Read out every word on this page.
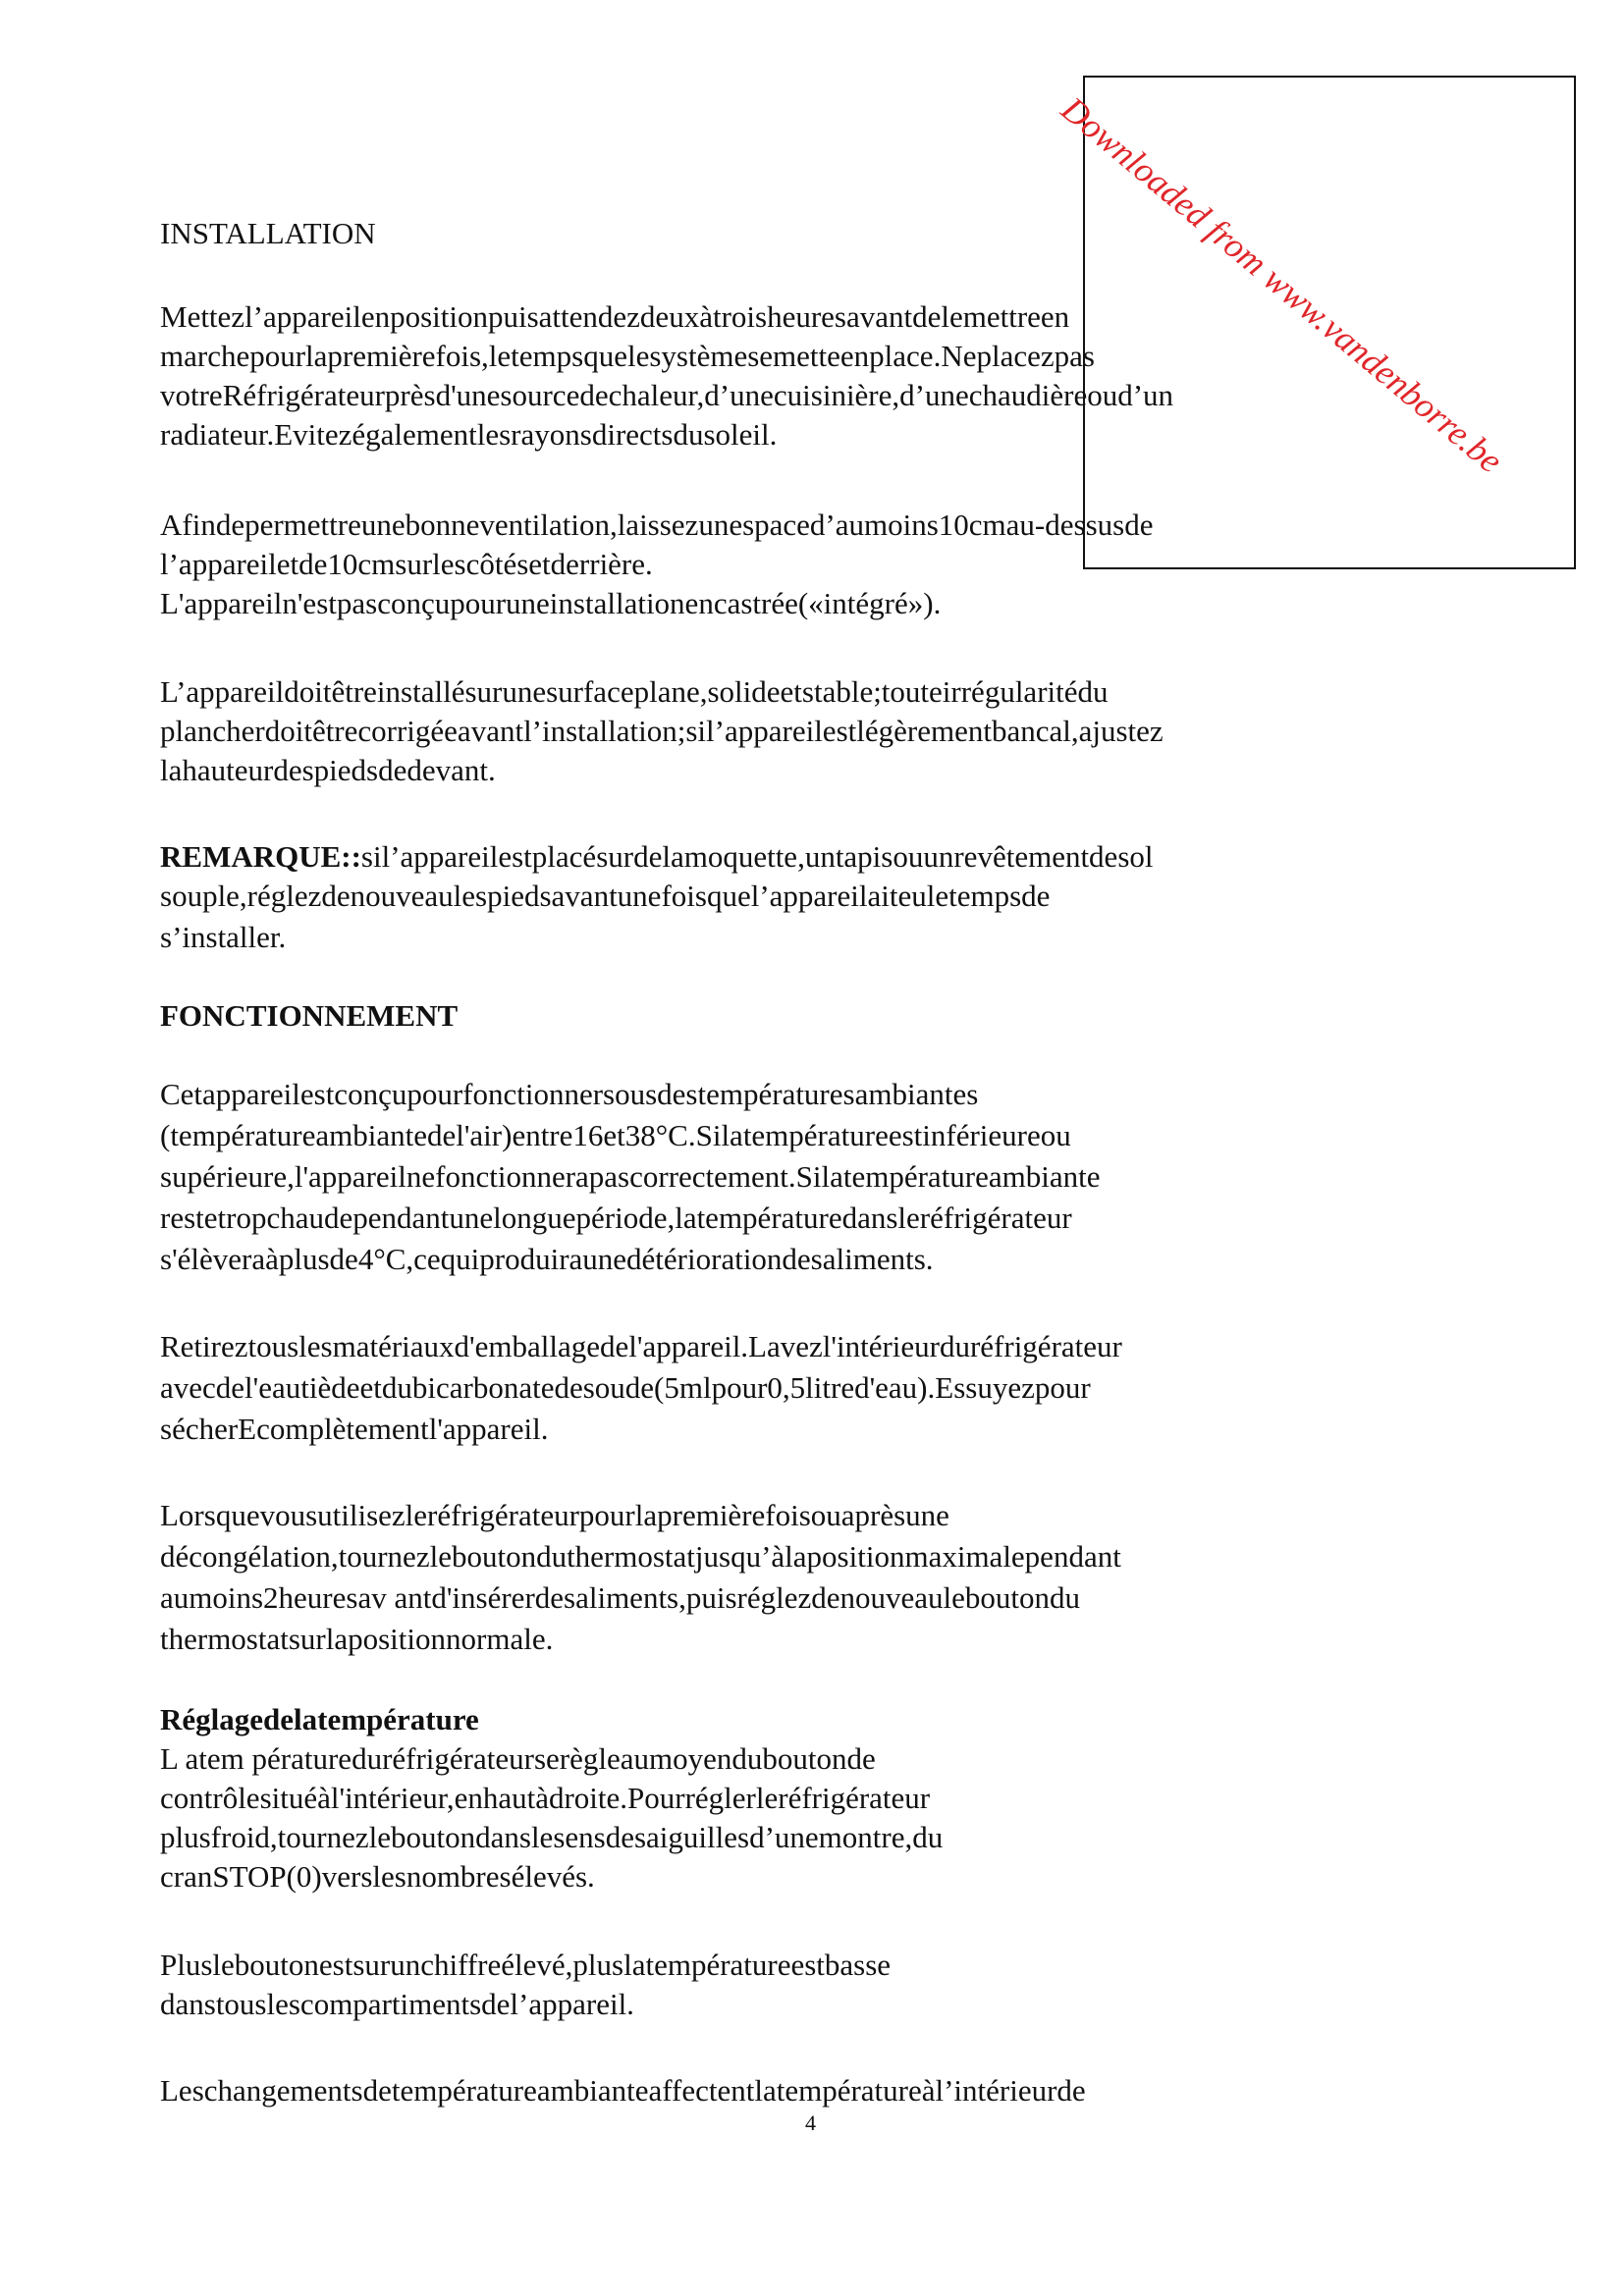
Downloaded from www.vandenborre.be
INSTALLATION
Mettezl’appareilenpositionpuisattendezdeuxàtroisheuresavantdelemettreen
marchepourlapremièrefois,letempsquelesystèmesemetteenplace.Neplacezpas
votreRéfrigérateurprèsd'unesourcedechaleur,d’unecuisinière,d’unechaudièreoud’un
radiateur.Evitezégalementlesrayonsdirectsdusoleil.
Afindepermettreunebonneventilation,laissezunespaced’aumoins10cmau-dessusde
l’appareiletde10cmsurlescôtésetderrière.
L'appareiln'estpasconçupouruneinstallationencastrée(«intégré»).
L’appareildoitêtreinstallésurunesurfaceplane,solideetstable;touteirrégularitédu
plancherdoitêtrecorrigéeavantl’installation;sil’appareilestlégèrementbancal,ajustez
lahauteurdespiedsdedevant.
REMARQUE::sil’appareilestplacésurdelamoquette,untapisouunrevêtementdesol
souple,réglezdenouveaulespiedsavantunefoisquel’appareilaiteuletempsde
s’installer.
FONCTIONNEMENT
Cetappareilestconçupourfonctionnersousdestempératuresambiantes
(températureambiantedel'air)entre16et38°C.Silatempératureestinférieureou
supérieure,l'appareilnefonctionnerapascorrectement.Silatempératureambiante
restetropchaudependantunelonguepériode,latempératuredansleréfrigérateur
s'élèveraàplusde4°C,cequiproduiraunedétériorationdesaliments.
Retireztouslesmatériauxd'emballagedel'appareil.Lavezl'intérieurduréfrigérateur
avecdel'eautièdeetdubicarbonatedesoude(5mlpour0,5litred'eau).Essuyezpour
sécherEcomplètementl'appareil.
Lorsquevousutilisezleréfrigérateurpourlapremièrefoisouaprèsune
décongélation,tournezleboutonduthermostatjusqu’àlapositionmaximalependant
aumoins2heuresav antd'insérerdesaliments,puisréglezdenouveauleboutondu
thermostatsurlapositionnormale.
Réglagedelatempérature
L atem pératureduréfrigérateurserègleaumoyenduboutonde
contrôlesituéàl'intérieur,enhautàdroite.Pourréglerleréfrigérateur
plusfroid,tournezleboutondanslesensdesaiguillesd’unemontre,du
cranSTOP(0)verslesnombresélevés.
Plusleboutonestsurunchiffreélevé,pluslatempératureestbasse
danstouslescompartimentsdel’appareil.
Leschangementsdetempératureambianteaffectentlatempératureàl’intérieurde
4
